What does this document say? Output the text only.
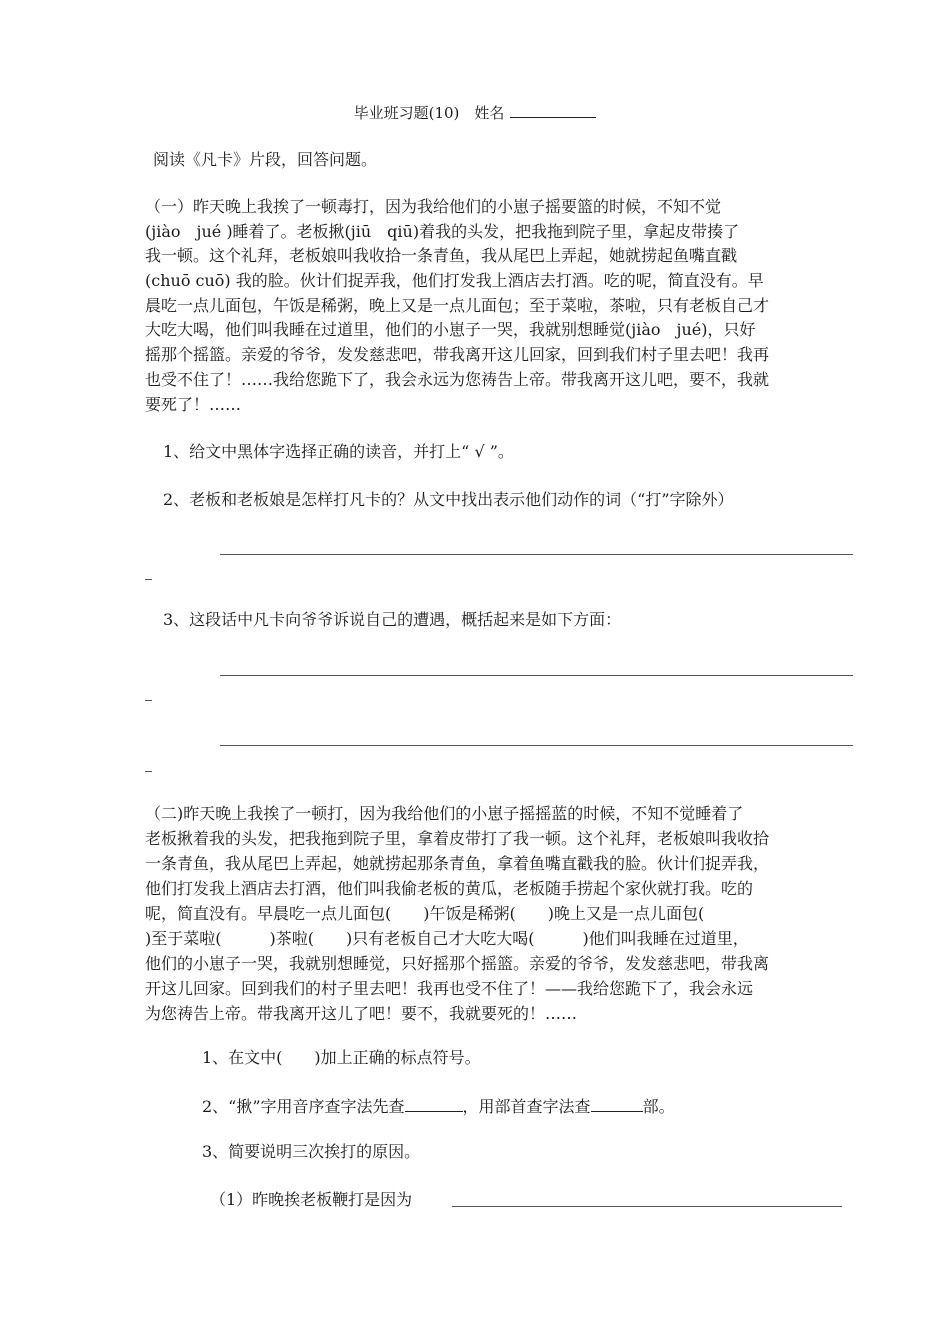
毕业班习题(10)　姓名
阅读《凡卡》片段，回答问题。
（一）昨天晚上我挨了一顿毒打，因为我给他们的小崽子摇要篮的时候，不知不觉
(jiào　jué )睡着了。老板揪(jiū　qiū)着我的头发，把我拖到院子里，拿起皮带揍了
我一顿。这个礼拜，老板娘叫我收拾一条青鱼，我从尾巴上弄起，她就捞起鱼嘴直戳
(chuō cuō) 我的脸。伙计们捉弄我，他们打发我上酒店去打酒。吃的呢，简直没有。早
晨吃一点儿面包，午饭是稀粥，晚上又是一点儿面包；至于菜啦，茶啦，只有老板自己才
大吃大喝，他们叫我睡在过道里，他们的小崽子一哭，我就别想睡觉(jiào　jué)，只好
摇那个摇篮。亲爱的爷爷，发发慈悲吧，带我离开这儿回家，回到我们村子里去吧！我再
也受不住了！……我给您跪下了，我会永远为您祷告上帝。带我离开这儿吧，要不，我就
要死了！……
1、给文中黑体字选择正确的读音，并打上“ √ ”。
2、老板和老板娘是怎样打凡卡的？从文中找出表示他们动作的词（“打”字除外）
3、这段话中凡卡向爷爷诉说自己的遭遇，概括起来是如下方面：
（二)昨天晚上我挨了一顿打，因为我给他们的小崽子摇摇蓝的时候，不知不觉睡着了
老板揪着我的头发，把我拖到院子里，拿着皮带打了我一顿。这个礼拜，老板娘叫我收拾
一条青鱼，我从尾巴上弄起，她就捞起那条青鱼，拿着鱼嘴直戳我的脸。伙计们捉弄我，
他们打发我上酒店去打酒，他们叫我偷老板的黄瓜，老板随手捞起个家伙就打我。吃的
呢，简直没有。早晨吃一点儿面包(　　)午饭是稀粥(　　)晚上又是一点儿面包(
)至于菜啦(　　　)茶啦(　　)只有老板自己才大吃大喝(　　　)他们叫我睡在过道里，
他们的小崽子一哭，我就别想睡觉，只好摇那个摇篮。亲爱的爷爷，发发慈悲吧，带我离
开这儿回家。回到我们的村子里去吧！我再也受不住了！——我给您跪下了，我会永远
为您祷告上帝。带我离开这儿了吧！要不，我就要死的！……
1、在文中(　　)加上正确的标点符号。
2、“揪”字用音序查字法先查	，用部首查字法查	部。
3、简要说明三次挨打的原因。
（1）昨晚挨老板鞭打是因为
